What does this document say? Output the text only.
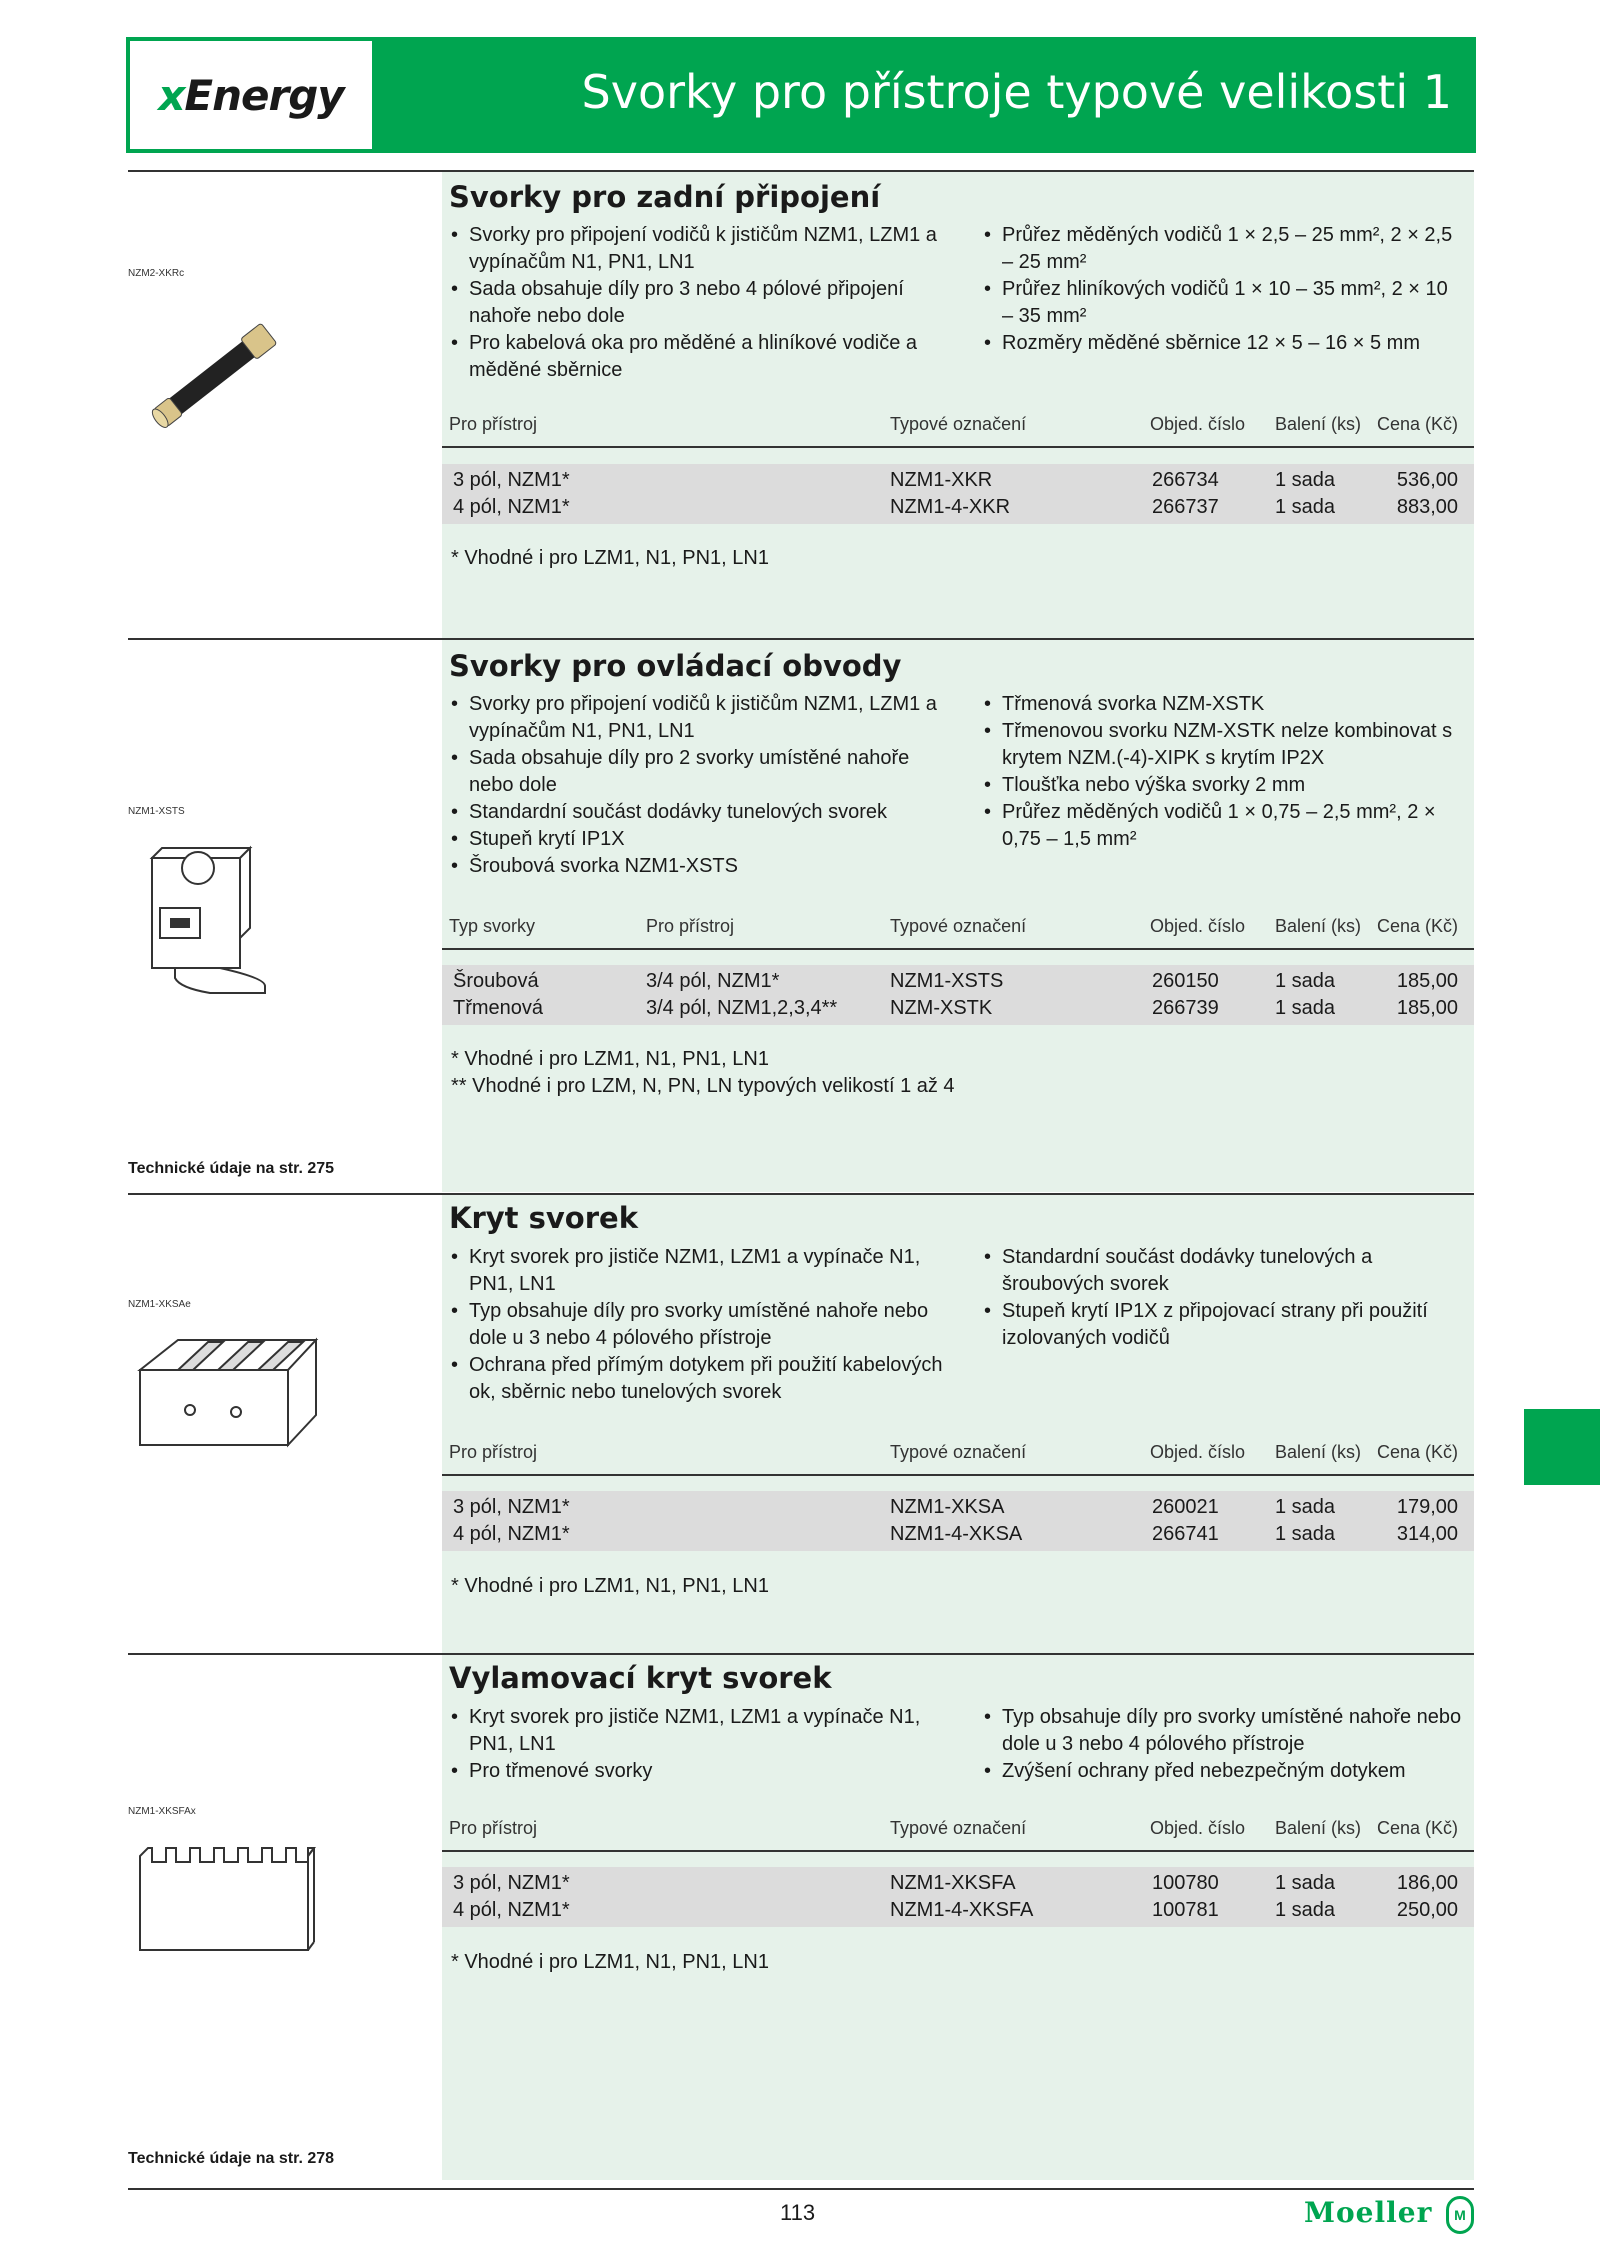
xEnergy	Svorky pro přístroje typové velikosti 1
Svorky pro zadní připojení
NZM2-XKRc
• Svorky pro připojení vodičů k jističům NZM1, LZM1 a vypínačům N1, PN1, LN1
• Sada obsahuje díly pro 3 nebo 4 pólové připojení nahoře nebo dole
• Pro kabelová oka pro měděné a hliníkové vodiče a měděné sběrnice
• Průřez měděných vodičů 1 × 2,5 – 25 mm², 2 × 2,5 – 25 mm²
• Průřez hliníkových vodičů 1 × 10 – 35 mm², 2 × 10 – 35 mm²
• Rozměry měděné sběrnice 12 × 5 – 16 × 5 mm
Pro přístroj	Typové označení	Objed. číslo Balení (ks) Cena (Kč)
3 pól, NZM1*	NZM1-XKR	266734	1 sada	536,00
4 pól, NZM1*	NZM1-4-XKR	266737	1 sada	883,00
* Vhodné i pro LZM1, N1, PN1, LN1
Svorky pro ovládací obvody
NZM1-XSTS
• Svorky pro připojení vodičů k jističům NZM1, LZM1 a vypínačům N1, PN1, LN1
• Sada obsahuje díly pro 2 svorky umístěné nahoře nebo dole
• Standardní součást dodávky tunelových svorek
• Stupeň krytí IP1X
• Šroubová svorka NZM1-XSTS
• Třmenová svorka NZM-XSTK
• Třmenovou svorku NZM-XSTK nelze kombinovat s krytem NZM.(-4)-XIPK s krytím IP2X
• Tloušťka nebo výška svorky 2 mm
• Průřez měděných vodičů 1 × 0,75 – 2,5 mm², 2 × 0,75 – 1,5 mm²
Typ svorky	Pro přístroj	Typové označení	Objed. číslo Balení (ks) Cena (Kč)
Šroubová	3/4 pól, NZM1*	NZM1-XSTS	260150	1 sada	185,00
Třmenová	3/4 pól, NZM1,2,3,4**	NZM-XSTK	266739	1 sada	185,00
* Vhodné i pro LZM1, N1, PN1, LN1
** Vhodné i pro LZM, N, PN, LN typových velikostí 1 až 4
Technické údaje na str. 275
Kryt svorek
NZM1-XKSAe
• Kryt svorek pro jističe NZM1, LZM1 a vypínače N1, PN1, LN1
• Typ obsahuje díly pro svorky umístěné nahoře nebo dole u 3 nebo 4 pólového přístroje
• Ochrana před přímým dotykem při použití kabelových ok, sběrnic nebo tunelových svorek
• Standardní součást dodávky tunelových a šroubových svorek
• Stupeň krytí IP1X z připojovací strany při použití izolovaných vodičů
Pro přístroj	Typové označení	Objed. číslo Balení (ks) Cena (Kč)
3 pól, NZM1*	NZM1-XKSA	260021	1 sada	179,00
4 pól, NZM1*	NZM1-4-XKSA	266741	1 sada	314,00
* Vhodné i pro LZM1, N1, PN1, LN1
Vylamovací kryt svorek
NZM1-XKSFAx
• Kryt svorek pro jističe NZM1, LZM1 a vypínače N1, PN1, LN1
• Pro třmenové svorky
• Typ obsahuje díly pro svorky umístěné nahoře nebo dole u 3 nebo 4 pólového přístroje
• Zvýšení ochrany před nebezpečným dotykem
Pro přístroj	Typové označení	Objed. číslo Balení (ks) Cena (Kč)
3 pól, NZM1*	NZM1-XKSFA	100780	1 sada	186,00
4 pól, NZM1*	NZM1-4-XKSFA	100781	1 sada	250,00
* Vhodné i pro LZM1, N1, PN1, LN1
Technické údaje na str. 278
113	Moeller	M
